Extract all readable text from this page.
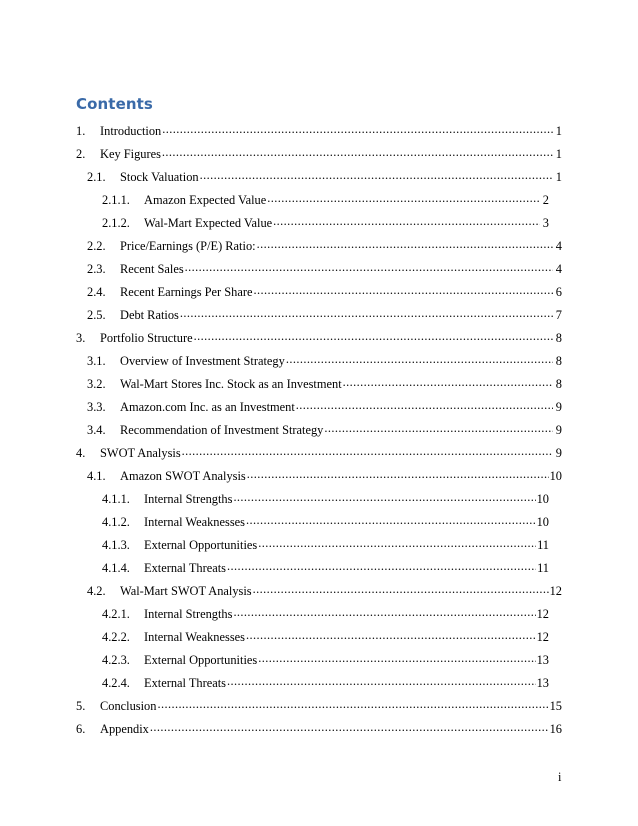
Contents
1.	Introduction .....	1
2.	Key Figures .....	1
2.1.	Stock Valuation .....	1
2.1.1.	Amazon Expected Value .....	2
2.1.2.	Wal-Mart Expected Value .....	3
2.2.	Price/Earnings (P/E) Ratio: .....	4
2.3.	Recent Sales .....	4
2.4.	Recent Earnings Per Share .....	6
2.5.	Debt Ratios .....	7
3.	Portfolio Structure .....	8
3.1.	Overview of Investment Strategy .....	8
3.2.	Wal-Mart Stores Inc. Stock as an Investment .....	8
3.3.	Amazon.com Inc. as an Investment .....	9
3.4.	Recommendation of Investment Strategy .....	9
4.	SWOT Analysis .....	9
4.1.	Amazon SWOT Analysis .....	10
4.1.1.	Internal Strengths .....	10
4.1.2.	Internal Weaknesses .....	10
4.1.3.	External Opportunities .....	11
4.1.4.	External Threats .....	11
4.2.	Wal-Mart SWOT Analysis .....	12
4.2.1.	Internal Strengths .....	12
4.2.2.	Internal Weaknesses .....	12
4.2.3.	External Opportunities .....	13
4.2.4.	External Threats .....	13
5.	Conclusion .....	15
6.	Appendix .....	16
i
